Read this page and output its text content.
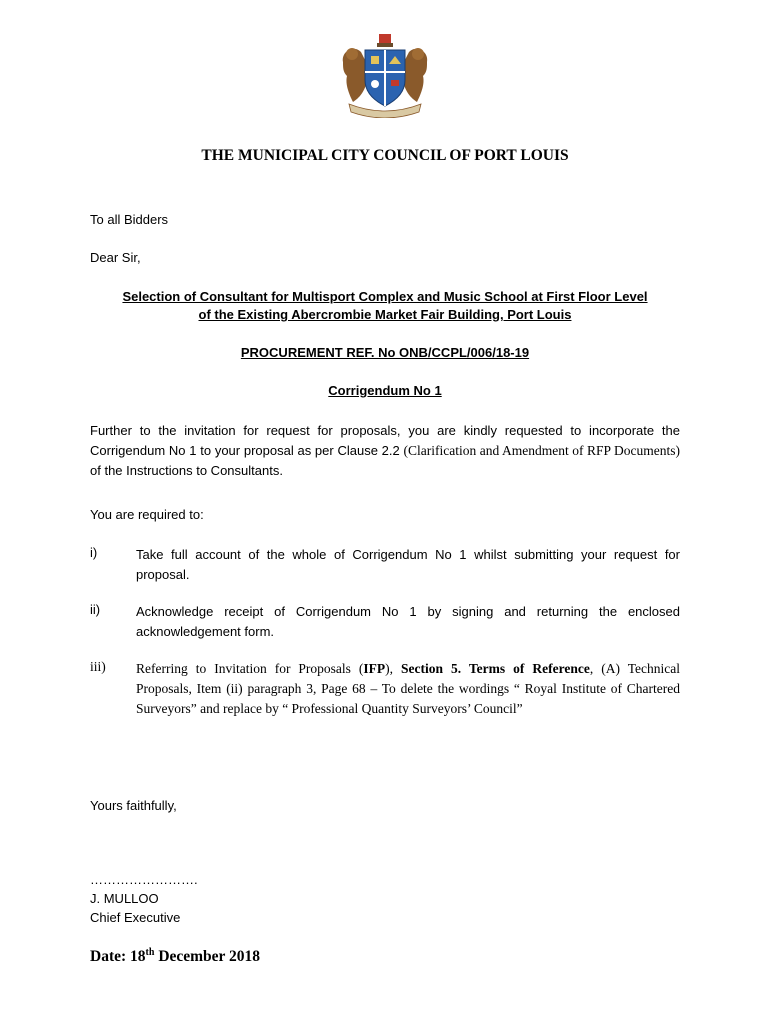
THE MUNICIPAL CITY COUNCIL OF PORT LOUIS
To all Bidders
Dear Sir,
Selection of Consultant for Multisport Complex and Music School at First Floor Level
of the Existing Abercrombie Market Fair Building, Port Louis
PROCUREMENT REF. No ONB/CCPL/006/18-19
Corrigendum No 1
Further to the invitation for request for proposals, you are kindly requested to incorporate the Corrigendum No 1 to your proposal as per Clause 2.2 (Clarification and Amendment of RFP Documents) of the Instructions to Consultants.
You are required to:
i)	Take full account of the whole of Corrigendum No 1 whilst submitting your request for proposal.
ii)	Acknowledge receipt of Corrigendum No 1 by signing and returning the enclosed acknowledgement form.
iii) Referring to Invitation for Proposals (IFP), Section 5. Terms of Reference, (A) Technical Proposals, Item (ii) paragraph 3, Page 68 – To delete the wordings “ Royal Institute of Chartered Surveyors” and replace by “ Professional Quantity Surveyors’ Council”
Yours faithfully,
…………………….
J. MULLOO
Chief Executive
Date: 18th December 2018
